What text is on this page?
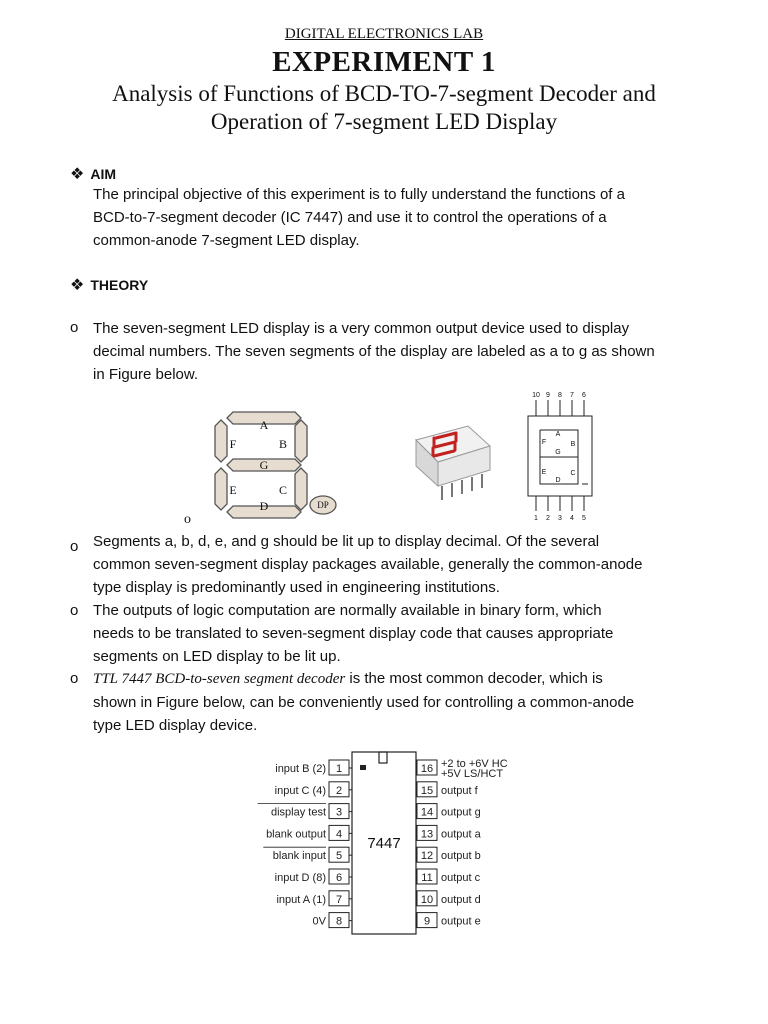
DIGITAL ELECTRONICS LAB
EXPERIMENT 1
Analysis of Functions of BCD-TO-7-segment Decoder and
Operation of 7-segment LED Display
❖ AIM
The principal objective of this experiment is to fully understand the functions of a
BCD-to-7-segment decoder (IC 7447) and use it to control the operations of a
common-anode 7-segment LED display.
❖ THEORY
o The seven-segment LED display is a very common output device used to display
decimal numbers. The seven segments of the display are labeled as a to g as shown
in Figure below.
A
B
C
D
E
F
G
DP
o
10 9 8 7 6
1 2 3 4 5
A
B
C
D
E
F
G
o Segments a, b, d, e, and g should be lit up to display decimal. Of the several
common seven-segment display packages available, generally the common-anode
type display is predominantly used in engineering institutions.
o The outputs of logic computation are normally available in binary form, which
needs to be translated to seven-segment display code that causes appropriate
segments on LED display to be lit up.
o TTL 7447 BCD-to-seven segment decoder is the most common decoder, which is
shown in Figure below, can be conveniently used for controlling a common-anode
type LED display device.
7447
1
input B (2)
2
input C (4)
3
display test
4
blank output
5
blank input
6
input D (8)
7
input A (1)
8
0V
16 +2 to +6V HC
+5V LS/HCT
15 output f
14 output g
13 output a
12 output b
11 output c
10 output d
9 output e
